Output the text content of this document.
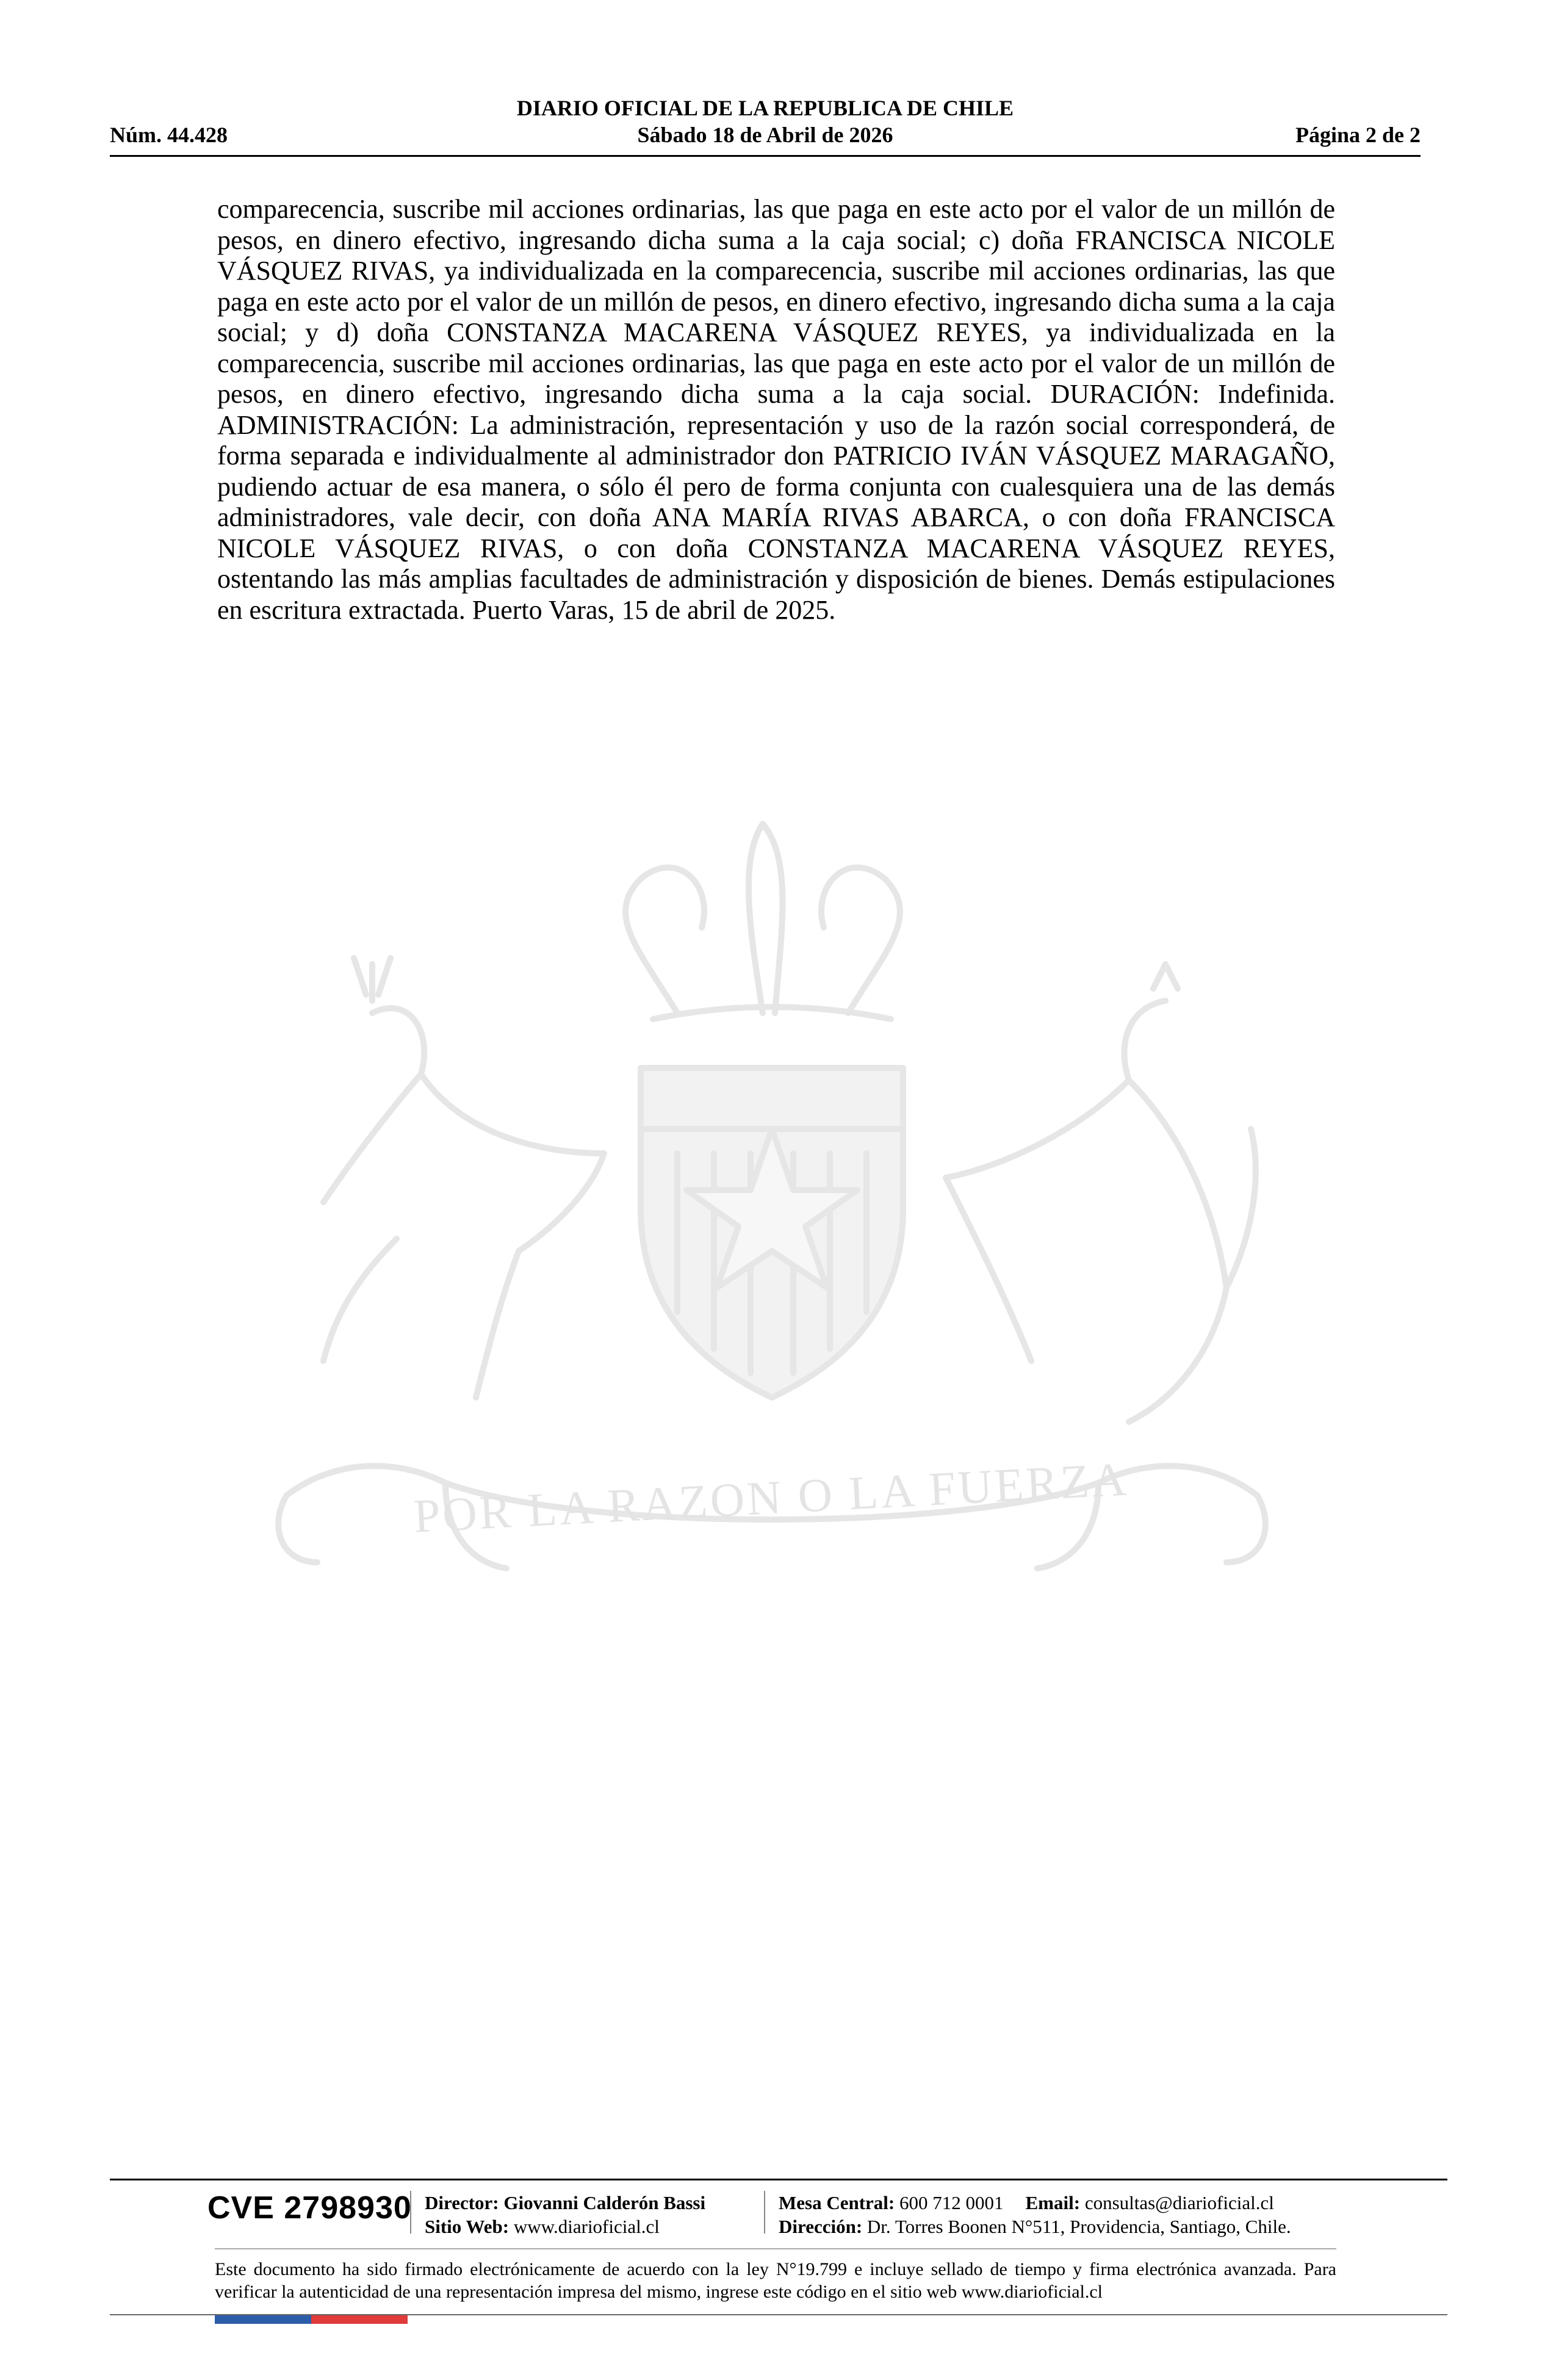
DIARIO OFICIAL DE LA REPUBLICA DE CHILE
Núm. 44.428	Sábado 18 de Abril de 2026	Página 2 de 2
comparecencia, suscribe mil acciones ordinarias, las que paga en este acto por el valor de un millón de pesos, en dinero efectivo, ingresando dicha suma a la caja social; c) doña FRANCISCA NICOLE VÁSQUEZ RIVAS, ya individualizada en la comparecencia, suscribe mil acciones ordinarias, las que paga en este acto por el valor de un millón de pesos, en dinero efectivo, ingresando dicha suma a la caja social; y d) doña CONSTANZA MACARENA VÁSQUEZ REYES, ya individualizada en la comparecencia, suscribe mil acciones ordinarias, las que paga en este acto por el valor de un millón de pesos, en dinero efectivo, ingresando dicha suma a la caja social. DURACIÓN: Indefinida. ADMINISTRACIÓN: La administración, representación y uso de la razón social corresponderá, de forma separada e individualmente al administrador don PATRICIO IVÁN VÁSQUEZ MARAGAÑO, pudiendo actuar de esa manera, o sólo él pero de forma conjunta con cualesquiera una de las demás administradores, vale decir, con doña ANA MARÍA RIVAS ABARCA, o con doña FRANCISCA NICOLE VÁSQUEZ RIVAS, o con doña CONSTANZA MACARENA VÁSQUEZ REYES, ostentando las más amplias facultades de administración y disposición de bienes. Demás estipulaciones en escritura extractada. Puerto Varas, 15 de abril de 2025.
POR LA RAZON O LA FUERZA
CVE 2798930 Director: Giovanni Calderón Bassi
Sitio Web: www.diarioficial.cl
Mesa Central: 600 712 0001 Email: consultas@diarioficial.cl
Dirección: Dr. Torres Boonen N°511, Providencia, Santiago, Chile.
Este documento ha sido firmado electrónicamente de acuerdo con la ley N°19.799 e incluye sellado de tiempo y firma electrónica avanzada. Para verificar la autenticidad de una representación impresa del mismo, ingrese este código en el sitio web www.diarioficial.cl
